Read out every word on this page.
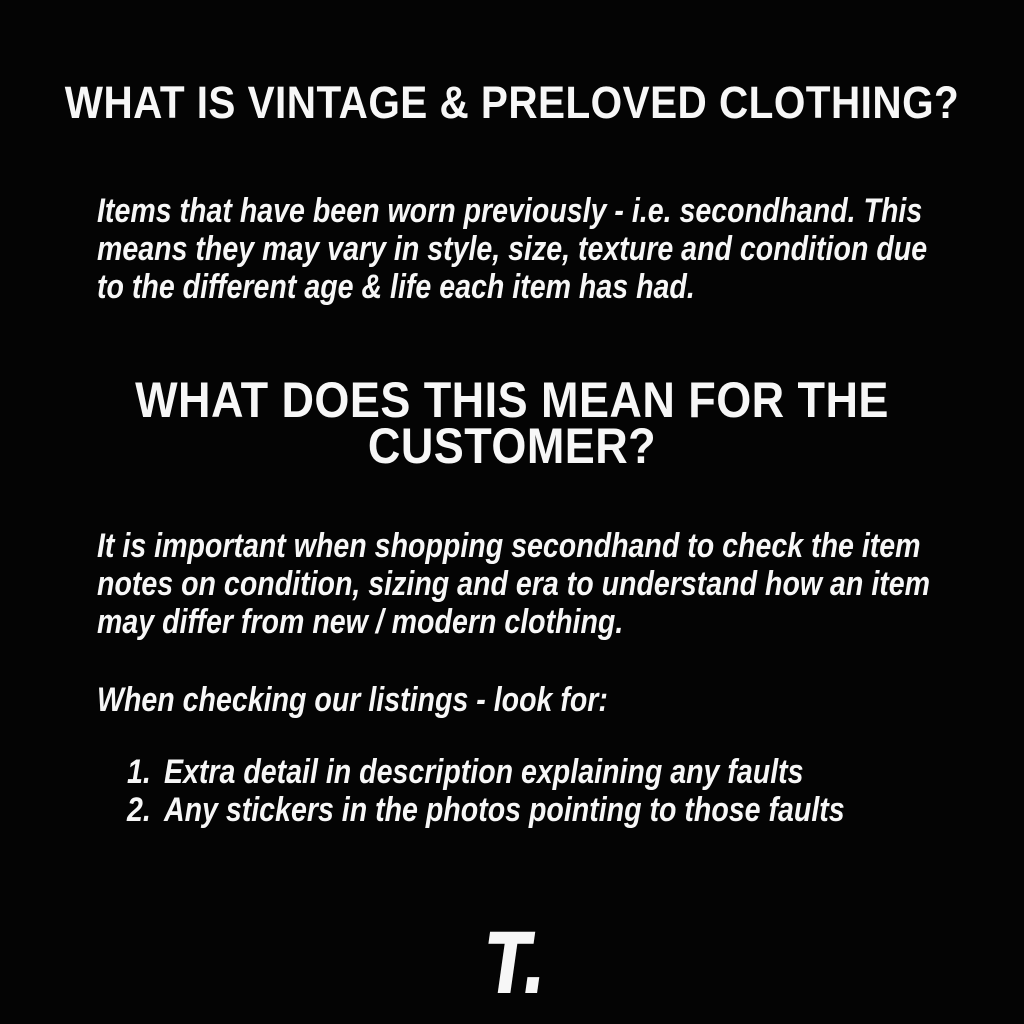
WHAT IS VINTAGE & PRELOVED CLOTHING?
Items that have been worn previously - i.e. secondhand. This
means they may vary in style, size, texture and condition due
to the different age & life each item has had.
WHAT DOES THIS MEAN FOR THE
CUSTOMER?
It is important when shopping secondhand to check the item
notes on condition, sizing and era to understand how an item
may differ from new / modern clothing.
When checking our listings - look for:
1. Extra detail in description explaining any faults
2. Any stickers in the photos pointing to those faults
T.
